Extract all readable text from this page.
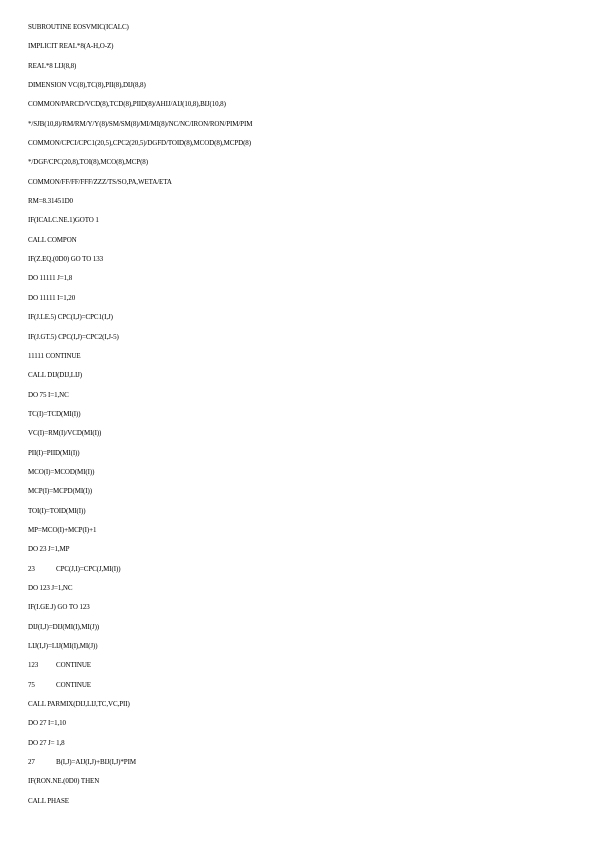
SUBROUTINE EOSVMIC(ICALC)
IMPLICIT REAL*8(A-H,O-Z)
REAL*8 LIJ(8,8)
DIMENSION VC(8),TC(8),PII(8),DIJ(8,8)
COMMON/PARCD/VCD(8),TCD(8),PIID(8)/AHIJ/AIJ(10,8),BIJ(10,8)
*/SJB(10,8)/RM/RM/Y/Y(8)/SM/SM(8)/MI/MI(8)/NC/NC/IRON/RON/PIM/PIM
COMMON/CPCI/CPC1(20,5),CPC2(20,5)/DGFD/TOID(8),MCOD(8),MCPD(8)
*/DGF/CPC(20,8),TOI(8),MCO(8),MCP(8)
COMMON/FF/FF/FFF/ZZZ/TS/SO,PA,WETA/ETA
RM=8.31451D0
IF(ICALC.NE.1)GOTO 1
CALL COMPON
IF(Z.EQ.(0D0) GO TO 133
DO 11111 J=1,8
DO 11111 I=1,20
IF(J.LE.5) CPC(I,J)=CPC1(I,J)
IF(J.GT.5) CPC(I,J)=CPC2(I,J-5)
11111 CONTINUE
CALL DIJ(DIJ,LIJ)
DO 75 I=1,NC
TC(I)=TCD(MI(I))
VC(I)=RM(I)/VCD(MI(I))
PII(I)=PIID(MI(I))
MCO(I)=MCOD(MI(I))
MCP(I)=MCPD(MI(I))
TOI(I)=TOID(MI(I))
MP=MCO(I)+MCP(I)+1
DO 23 J=1,MP
23	CPC(J,I)=CPC(J,MI(I))
DO 123 J=1,NC
IF(I.GE.J) GO TO 123
DIJ(I,J)=DIJ(MI(I),MI(J))
LIJ(I,J)=LIJ(MI(I),MI(J))
123	CONTINUE
75	CONTINUE
CALL PARMIX(DIJ,LIJ,TC,VC,PII)
DO 27 I=1,10
DO 27 J= 1,8
27	B(I,J)=AIJ(I,J)+BIJ(I,J)*PIM
IF(RON.NE.(0D0) THEN
CALL PHASE
